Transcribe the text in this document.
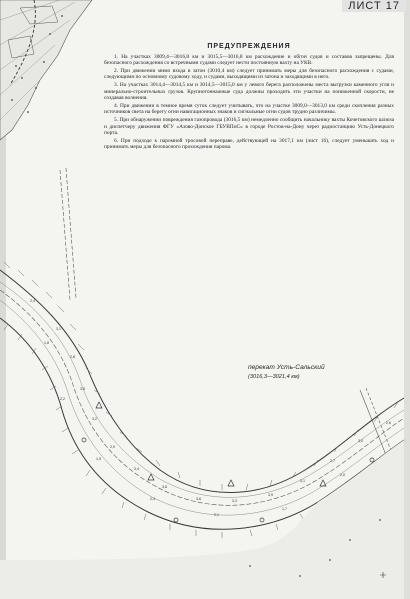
2,4
3,1
2,8
3,5
3,2
2,9
3,4
3,8
3,6	3,3
3,9
3,1
2,7
3,0
2,6
1,8
2,2
1,9
2,4
2,1
1,7
2,0
ЛИСТ 17
ПРЕДУПРЕЖДЕНИЯ

1. На участках 3009,4—3016,8 км и 3015,5—3016,8 км расхождение и обгон судов и составов запрещены. Для безопасного расхождения со встречными судами следует нести постоянную вахту на УКВ.

2. При движении мимо входа в затон (3010,4 км) следует принимать меры для безопасного расхождения с судами, следующими по основному судовому ходу, и судами, выходящими из затона и заходящими в него.

3. На участках 3014,4—3014,5 км и 3014,5—3015,0 км у левого берега расположены места выгрузки каменного угля и минерально-строительных грузов. Крупнотоннажные суда должны проходить эти участки на пониженной скорости, не создавая волнения.

4. При движении в темное время суток следует учитывать, что на участке 3009,0—3013,0 км среди скопления разных источников света на берегу огни навигационных знаков и сигнальные огни судов трудно различимы.

5. При обнаружении повреждения газопровода (3016,5 км) немедленно сообщить начальнику вахты Кочетовского шлюза и диспетчеру движения ФГУ «Азово-Донское ГБУВПиС» в городе Ростов-на-Дону через радиостанцию Усть-Донецкого порта.

6. При подходе к паромной тросовой переправе, действующей на 3017,1 км (лист 16), следует уменьшать ход и принимать меры для безопасного прохождения парома.

перекат Усть-Сальский
(3016,3—3021,4 км)
